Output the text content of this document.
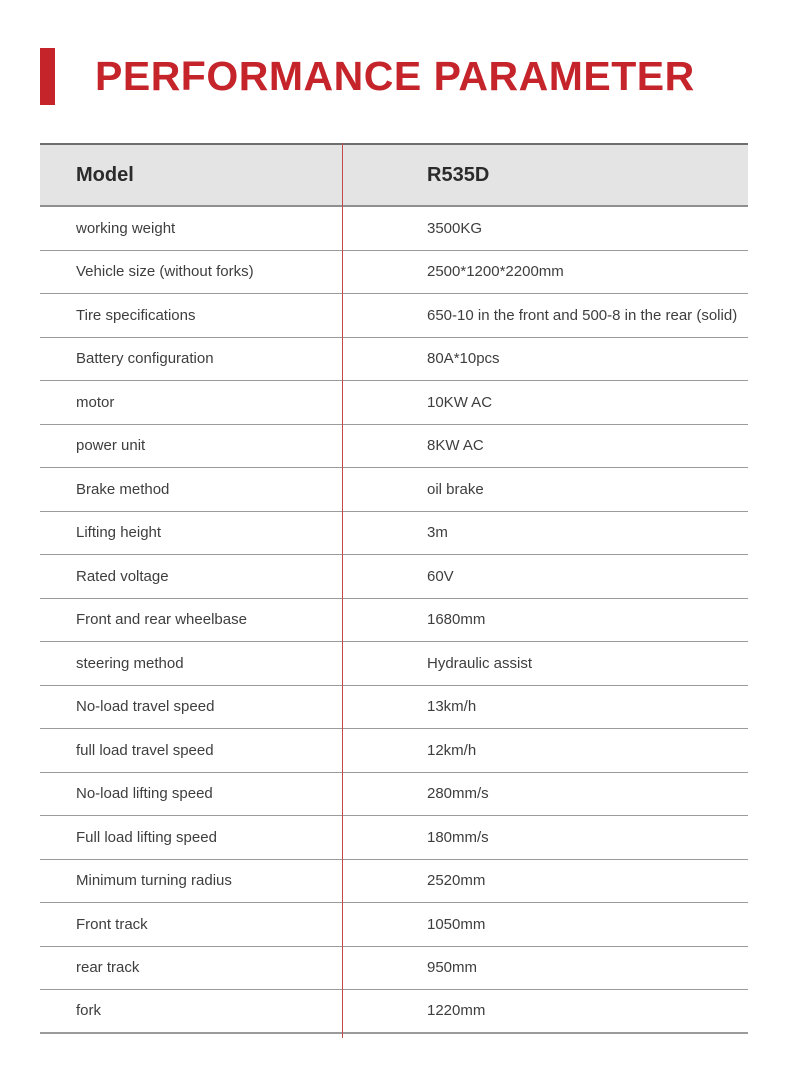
PERFORMANCE PARAMETER
Model	R535D
working weight	3500KG
Vehicle size (without forks)	2500*1200*2200mm
Tire specifications	650-10 in the front and 500-8 in the rear (solid)
Battery configuration	80A*10pcs
motor	10KW AC
power unit	8KW AC
Brake method	oil brake
Lifting height	3m
Rated voltage	60V
Front and rear wheelbase	1680mm
steering method	Hydraulic assist
No-load travel speed	13km/h
full load travel speed	12km/h
No-load lifting speed	280mm/s
Full load lifting speed	180mm/s
Minimum turning radius	2520mm
Front track	1050mm
rear track	950mm
fork	1220mm
